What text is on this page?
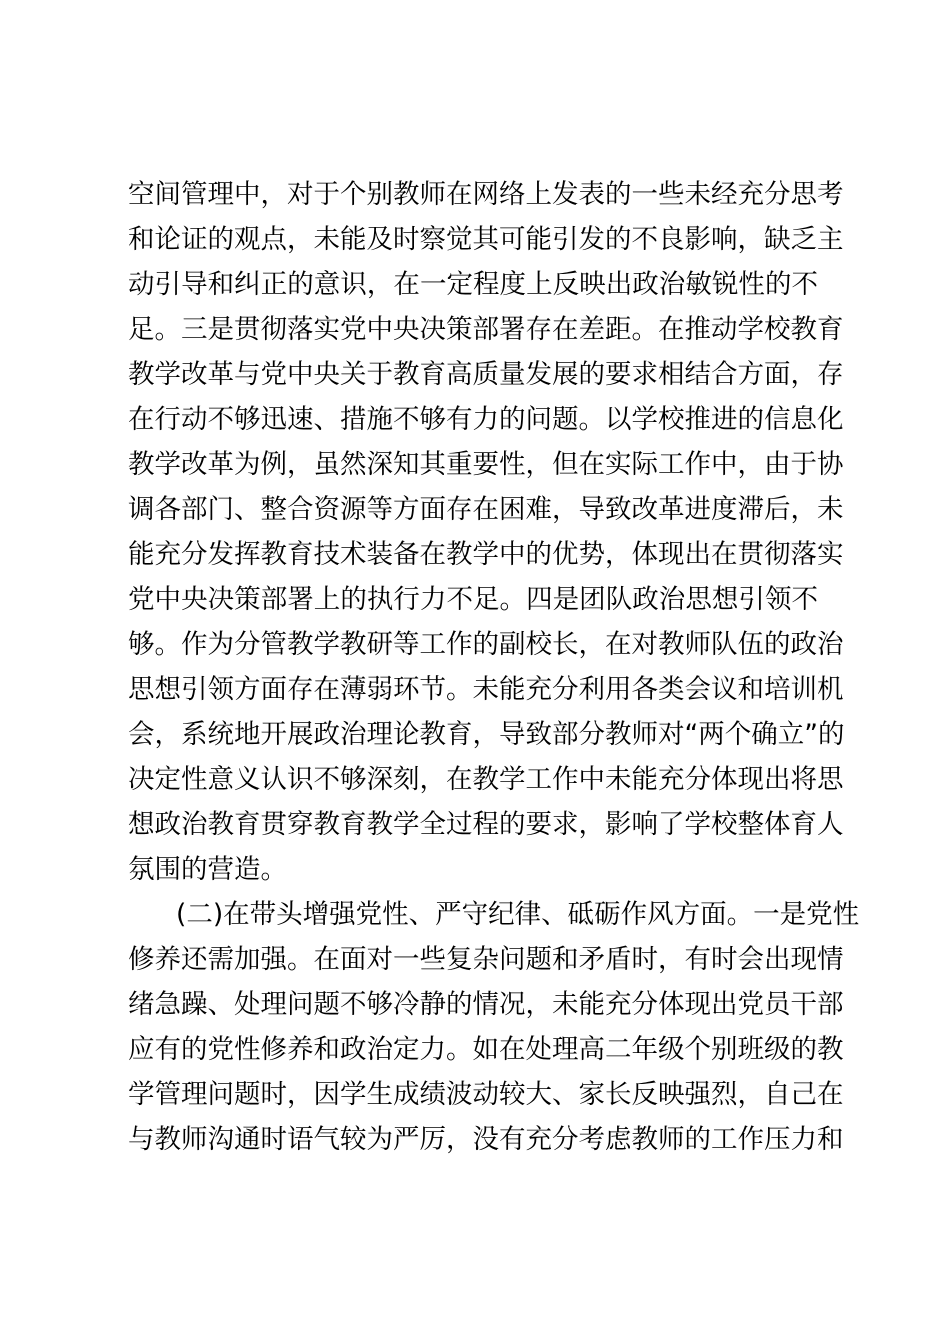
空间管理中，对于个别教师在网络上发表的一些未经充分思考
和论证的观点，未能及时察觉其可能引发的不良影响，缺乏主
动引导和纠正的意识，在一定程度上反映出政治敏锐性的不
足。三是贯彻落实党中央决策部署存在差距。在推动学校教育
教学改革与党中央关于教育高质量发展的要求相结合方面，存
在行动不够迅速、措施不够有力的问题。以学校推进的信息化
教学改革为例，虽然深知其重要性，但在实际工作中，由于协
调各部门、整合资源等方面存在困难，导致改革进度滞后，未
能充分发挥教育技术装备在教学中的优势，体现出在贯彻落实
党中央决策部署上的执行力不足。四是团队政治思想引领不
够。作为分管教学教研等工作的副校长，在对教师队伍的政治
思想引领方面存在薄弱环节。未能充分利用各类会议和培训机
会，系统地开展政治理论教育，导致部分教师对“两个确立”的
决定性意义认识不够深刻，在教学工作中未能充分体现出将思
想政治教育贯穿教育教学全过程的要求，影响了学校整体育人
氛围的营造。
(二)在带头增强党性、严守纪律、砥砺作风方面。一是党性
修养还需加强。在面对一些复杂问题和矛盾时，有时会出现情
绪急躁、处理问题不够冷静的情况，未能充分体现出党员干部
应有的党性修养和政治定力。如在处理高二年级个别班级的教
学管理问题时，因学生成绩波动较大、家长反映强烈，自己在
与教师沟通时语气较为严厉，没有充分考虑教师的工作压力和
